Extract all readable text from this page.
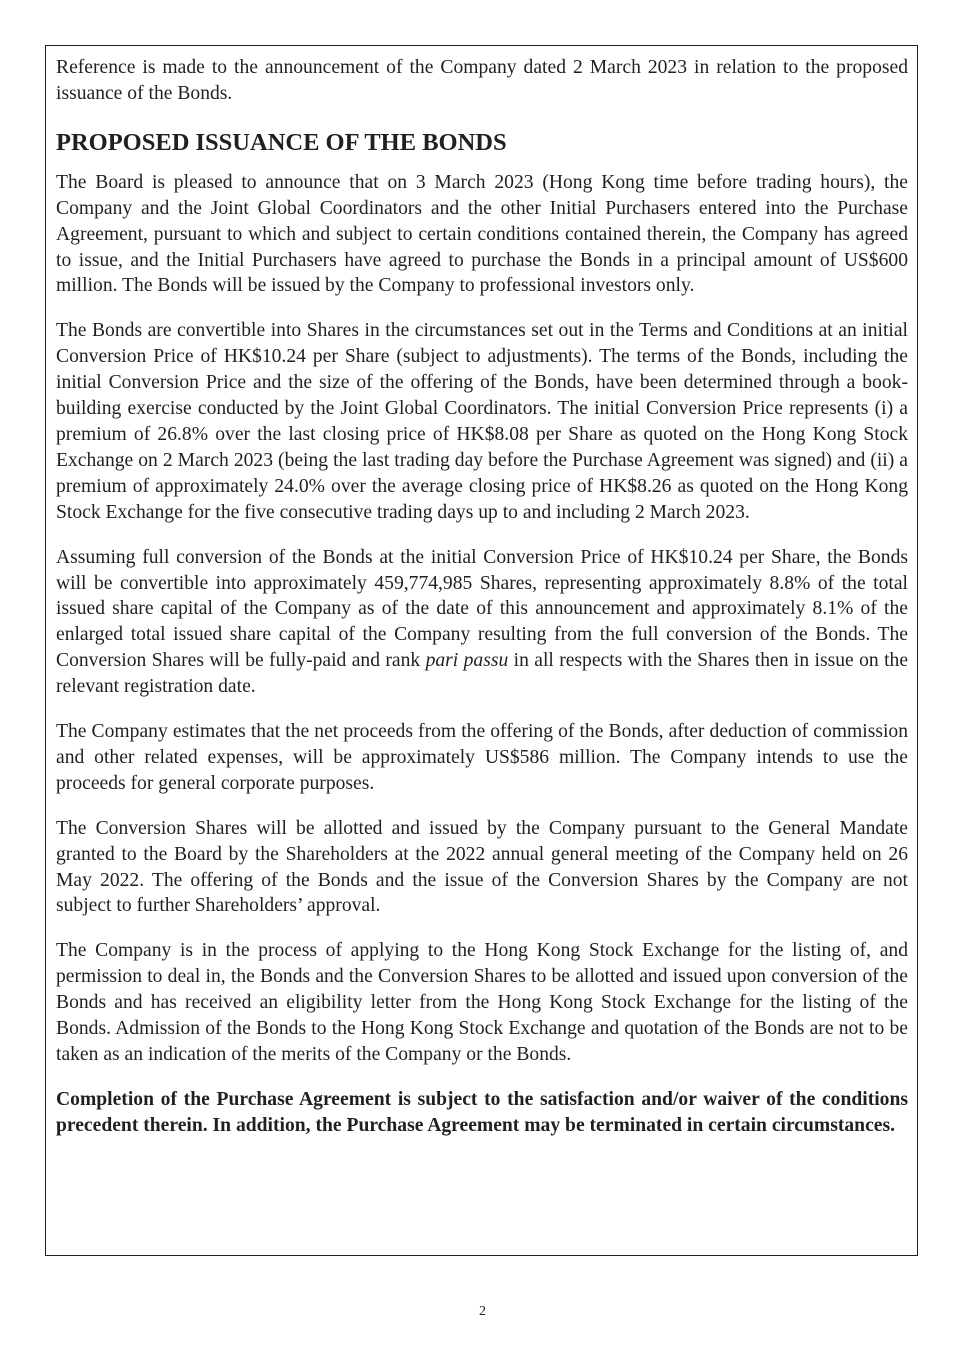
Reference is made to the announcement of the Company dated 2 March 2023 in relation to the proposed issuance of the Bonds.

PROPOSED ISSUANCE OF THE BONDS

The Board is pleased to announce that on 3 March 2023 (Hong Kong time before trading hours), the Company and the Joint Global Coordinators and the other Initial Purchasers entered into the Purchase Agreement, pursuant to which and subject to certain conditions contained therein, the Company has agreed to issue, and the Initial Purchasers have agreed to purchase the Bonds in a principal amount of US$600 million. The Bonds will be issued by the Company to professional investors only.

The Bonds are convertible into Shares in the circumstances set out in the Terms and Conditions at an initial Conversion Price of HK$10.24 per Share (subject to adjustments). The terms of the Bonds, including the initial Conversion Price and the size of the offering of the Bonds, have been determined through a book-building exercise conducted by the Joint Global Coordinators. The initial Conversion Price represents (i) a premium of 26.8% over the last closing price of HK$8.08 per Share as quoted on the Hong Kong Stock Exchange on 2 March 2023 (being the last trading day before the Purchase Agreement was signed) and (ii) a premium of approximately 24.0% over the average closing price of HK$8.26 as quoted on the Hong Kong Stock Exchange for the five consecutive trading days up to and including 2 March 2023.

Assuming full conversion of the Bonds at the initial Conversion Price of HK$10.24 per Share, the Bonds will be convertible into approximately 459,774,985 Shares, representing approximately 8.8% of the total issued share capital of the Company as of the date of this announcement and approximately 8.1% of the enlarged total issued share capital of the Company resulting from the full conversion of the Bonds. The Conversion Shares will be fully-paid and rank pari passu in all respects with the Shares then in issue on the relevant registration date.

The Company estimates that the net proceeds from the offering of the Bonds, after deduction of commission and other related expenses, will be approximately US$586 million. The Company intends to use the proceeds for general corporate purposes.

The Conversion Shares will be allotted and issued by the Company pursuant to the General Mandate granted to the Board by the Shareholders at the 2022 annual general meeting of the Company held on 26 May 2022. The offering of the Bonds and the issue of the Conversion Shares by the Company are not subject to further Shareholders’ approval.

The Company is in the process of applying to the Hong Kong Stock Exchange for the listing of, and permission to deal in, the Bonds and the Conversion Shares to be allotted and issued upon conversion of the Bonds and has received an eligibility letter from the Hong Kong Stock Exchange for the listing of the Bonds. Admission of the Bonds to the Hong Kong Stock Exchange and quotation of the Bonds are not to be taken as an indication of the merits of the Company or the Bonds.

Completion of the Purchase Agreement is subject to the satisfaction and/or waiver of the conditions precedent therein. In addition, the Purchase Agreement may be terminated in certain circumstances.

2
